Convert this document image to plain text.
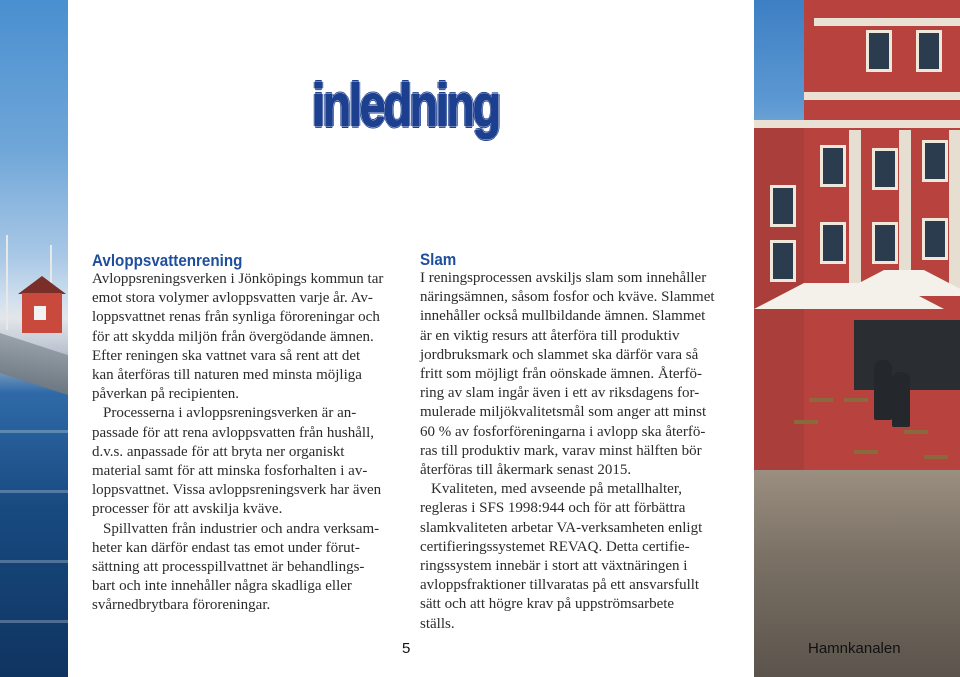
inledning
Avloppsvattenrening

Avloppsreningsverken i Jönköpings kommun tar

emot stora volymer avloppsvatten varje år. Av-

loppsvattnet renas från synliga föroreningar och

för att skydda miljön från övergödande ämnen.

Efter reningen ska vattnet vara så rent att det

kan återföras till naturen med minsta möjliga

påverkan på recipienten.

Processerna i avloppsreningsverken är an-

passade för att rena avloppsvatten från hushåll,

d.v.s. anpassade för att bryta ner organiskt

material samt för att minska fosforhalten i av-

loppsvattnet. Vissa avloppsreningsverk har även

processer för att avskilja kväve.

Spillvatten från industrier och andra verksam-

heter kan därför endast tas emot under förut-

sättning att processpillvattnet är behandlings-

bart och inte innehåller några skadliga eller

svårnedbrytbara föroreningar.

Slam

I reningsprocessen avskiljs slam som innehåller

näringsämnen, såsom fosfor och kväve. Slammet

innehåller också mullbildande ämnen. Slammet

är en viktig resurs att återföra till produktiv

jordbruksmark och slammet ska därför vara så

fritt som möjligt från oönskade ämnen. Återfö-

ring av slam ingår även i ett av riksdagens for-

mulerade miljökvalitetsmål som anger att minst

60 % av fosforföreningarna i avlopp ska återfö-

ras till produktiv mark, varav minst hälften bör

återföras till åkermark senast 2015.

Kvaliteten, med avseende på metallhalter,

regleras i SFS 1998:944 och för att förbättra

slamkvaliteten arbetar VA-verksamheten enligt

certifieringssystemet REVAQ. Detta certifie-

ringssystem innebär i stort att växtnäringen i

avloppsfraktioner tillvaratas på ett ansvarsfullt

sätt och att högre krav på uppströmsarbete

ställs.

5	Hamnkanalen
